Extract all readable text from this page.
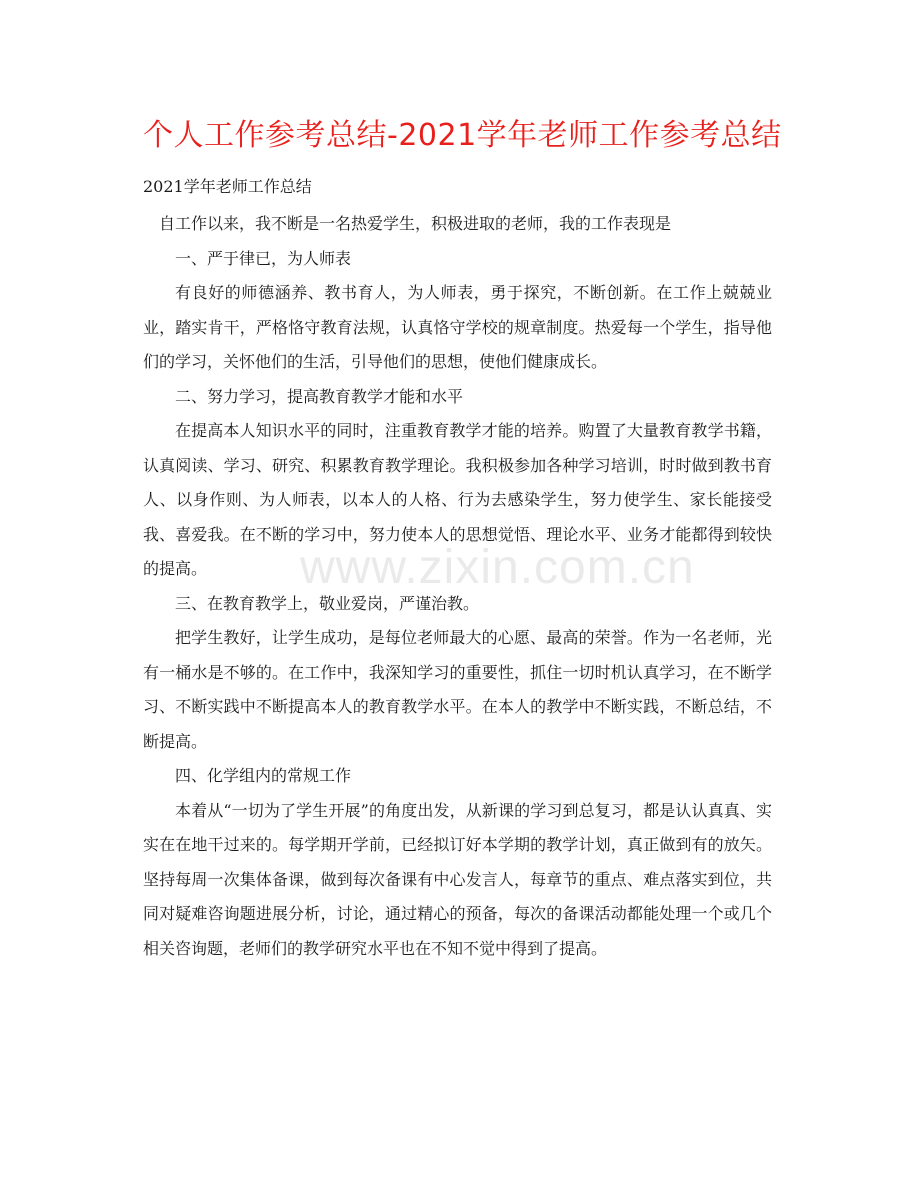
个人工作参考总结-2021学年老师工作参考总结
2021学年老师工作总结

自工作以来，我不断是一名热爱学生，积极进取的老师，我的工作表现是

一、严于律已，为人师表

有良好的师德涵养、教书育人，为人师表，勇于探究，不断创新。在工作上兢兢业业，踏实肯干，严格恪守教育法规，认真恪守学校的规章制度。热爱每一个学生，指导他们的学习，关怀他们的生活，引导他们的思想，使他们健康成长。

二、努力学习，提高教育教学才能和水平

在提高本人知识水平的同时，注重教育教学才能的培养。购置了大量教育教学书籍，认真阅读、学习、研究、积累教育教学理论。我积极参加各种学习培训，时时做到教书育人、以身作则、为人师表，以本人的人格、行为去感染学生，努力使学生、家长能接受我、喜爱我。在不断的学习中，努力使本人的思想觉悟、理论水平、业务才能都得到较快的提高。

三、在教育教学上，敬业爱岗，严谨治教。

把学生教好，让学生成功，是每位老师最大的心愿、最高的荣誉。作为一名老师，光有一桶水是不够的。在工作中，我深知学习的重要性，抓住一切时机认真学习，在不断学习、不断实践中不断提高本人的教育教学水平。在本人的教学中不断实践，不断总结，不断提高。

四、化学组内的常规工作

本着从“一切为了学生开展”的角度出发，从新课的学习到总复习，都是认认真真、实实在在地干过来的。每学期开学前，已经拟订好本学期的教学计划，真正做到有的放矢。坚持每周一次集体备课，做到每次备课有中心发言人，每章节的重点、难点落实到位，共同对疑难咨询题进展分析，讨论，通过精心的预备，每次的备课活动都能处理一个或几个相关咨询题，老师们的教学研究水平也在不知不觉中得到了提高。

www.zixin.com.cn
